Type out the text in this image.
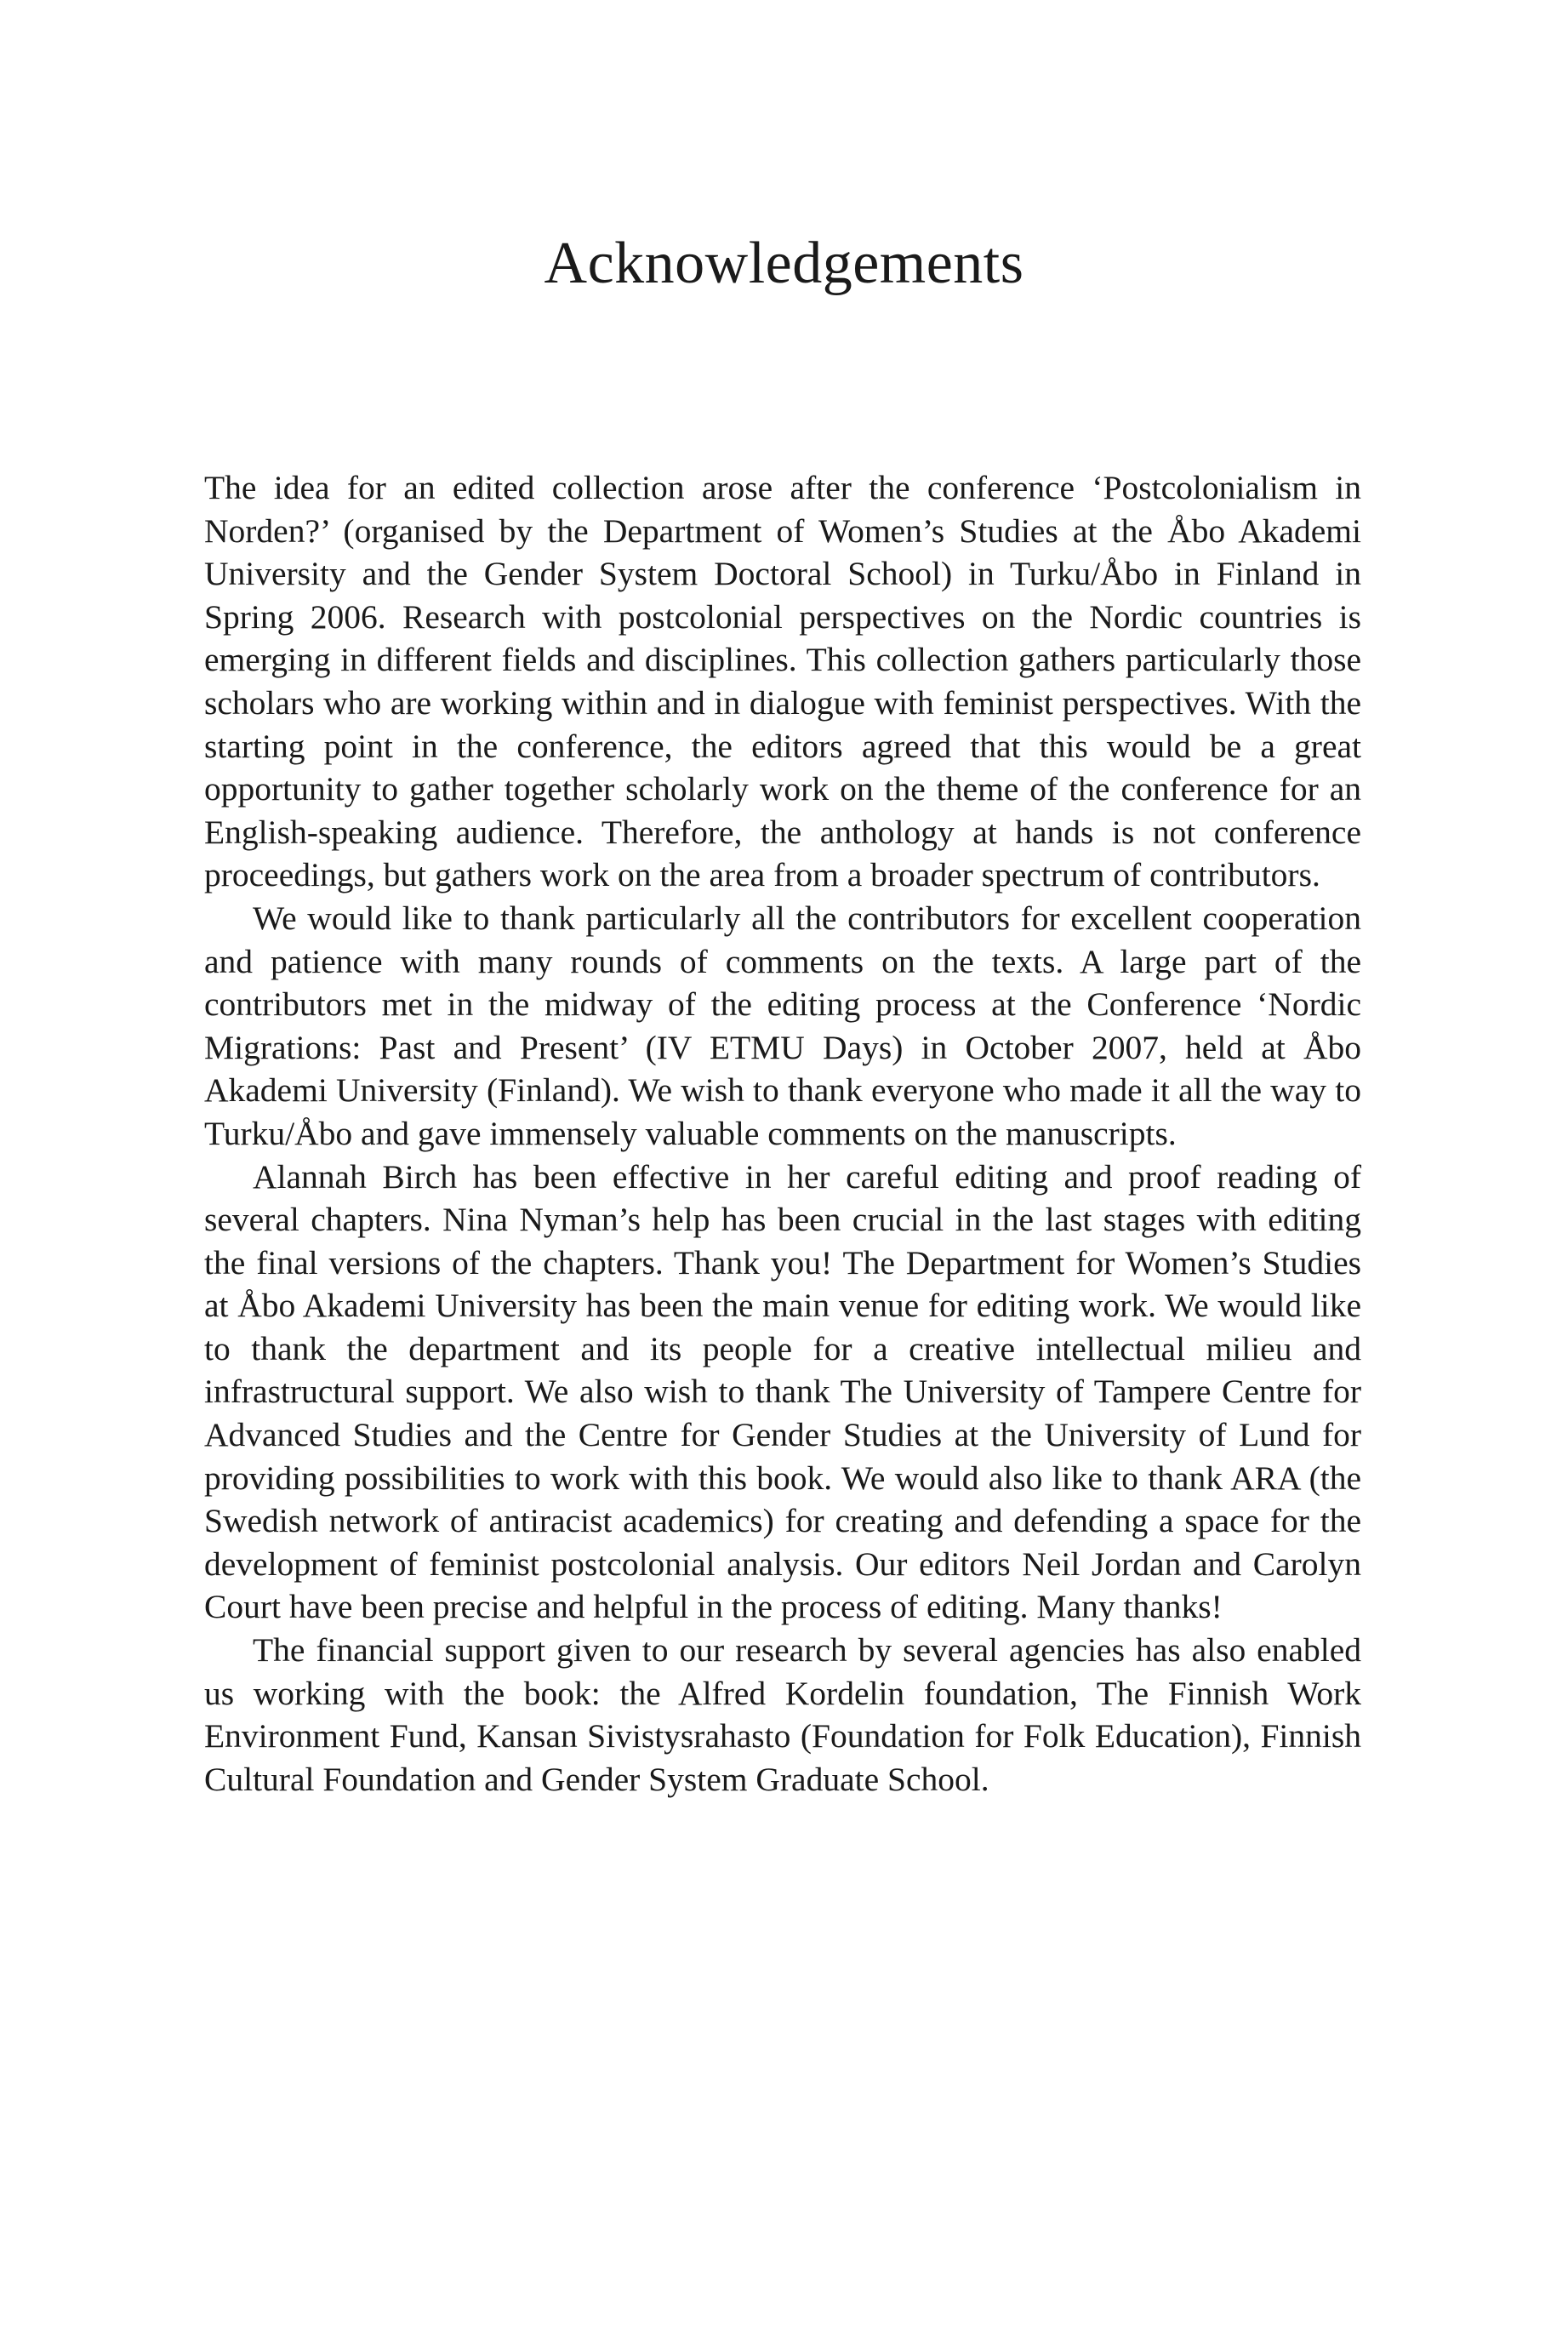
Acknowledgements

The idea for an edited collection arose after the conference ‘Postcolonialism in Norden?’ (organised by the Department of Women’s Studies at the Åbo Akademi University and the Gender System Doctoral School) in Turku/Åbo in Finland in Spring 2006. Research with postcolonial perspectives on the Nordic countries is emerging in different fields and disciplines. This collection gathers particularly those scholars who are working within and in dialogue with feminist perspectives. With the starting point in the conference, the editors agreed that this would be a great opportunity to gather together scholarly work on the theme of the conference for an English-speaking audience. Therefore, the anthology at hands is not conference proceedings, but gathers work on the area from a broader spectrum of contributors.

We would like to thank particularly all the contributors for excellent cooperation and patience with many rounds of comments on the texts. A large part of the contributors met in the midway of the editing process at the Conference ‘Nordic Migrations: Past and Present’ (IV ETMU Days) in October 2007, held at Åbo Akademi University (Finland). We wish to thank everyone who made it all the way to Turku/Åbo and gave immensely valuable comments on the manuscripts.

Alannah Birch has been effective in her careful editing and proof reading of several chapters. Nina Nyman’s help has been crucial in the last stages with editing the final versions of the chapters. Thank you! The Department for Women’s Studies at Åbo Akademi University has been the main venue for editing work. We would like to thank the department and its people for a creative intellectual milieu and infrastructural support. We also wish to thank The University of Tampere Centre for Advanced Studies and the Centre for Gender Studies at the University of Lund for providing possibilities to work with this book. We would also like to thank ARA (the Swedish network of antiracist academics) for creating and defending a space for the development of feminist postcolonial analysis. Our editors Neil Jordan and Carolyn Court have been precise and helpful in the process of editing. Many thanks!

The financial support given to our research by several agencies has also enabled us working with the book: the Alfred Kordelin foundation, The Finnish Work Environment Fund, Kansan Sivistysrahasto (Foundation for Folk Education), Finnish Cultural Foundation and Gender System Graduate School.
